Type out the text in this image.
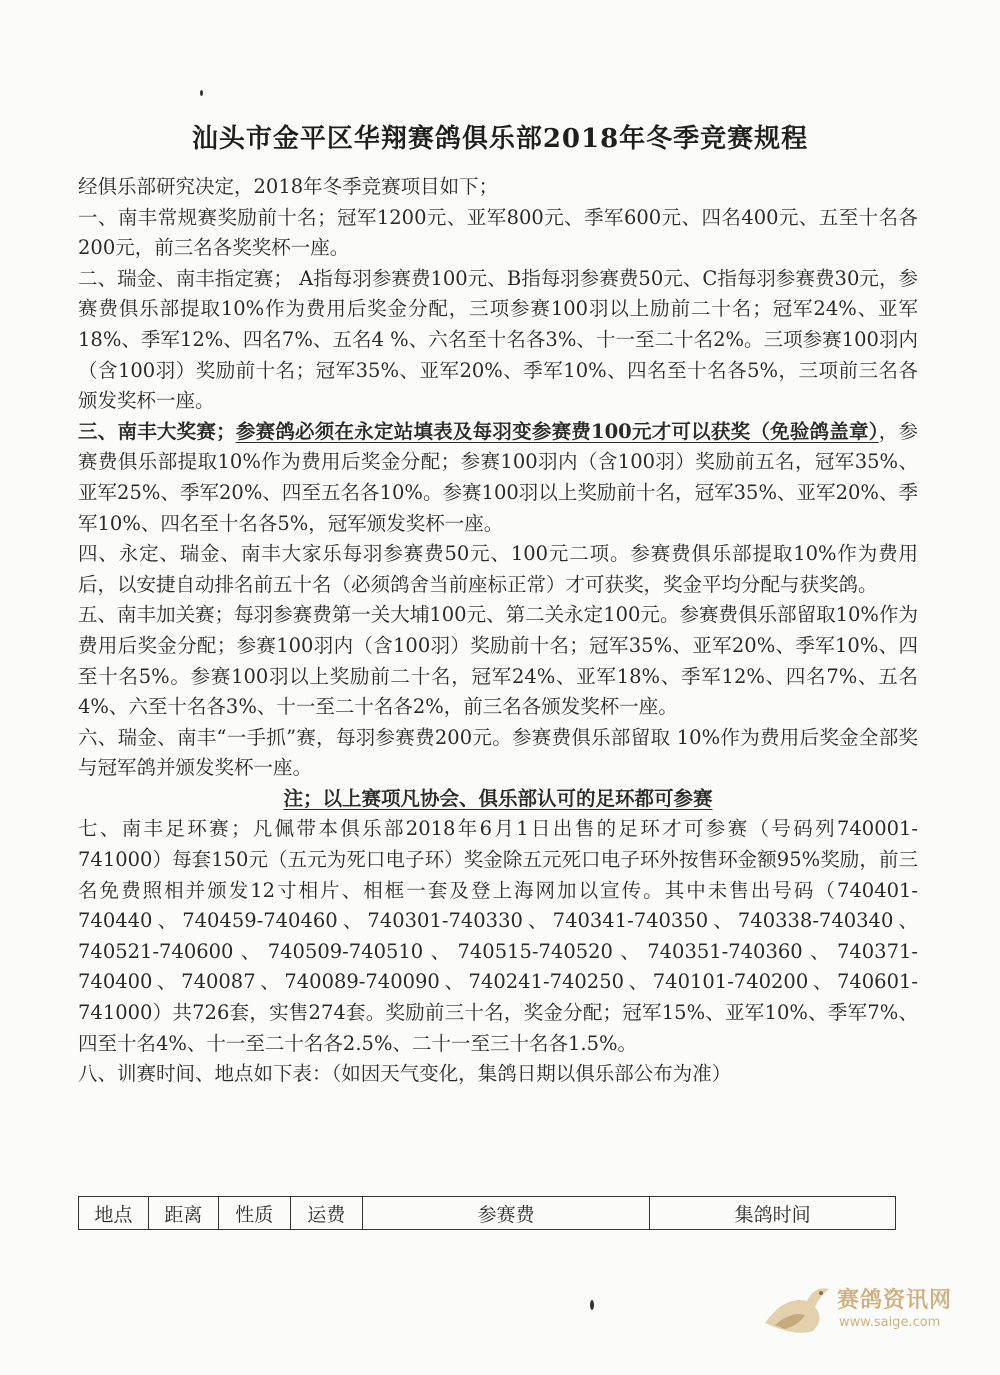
汕头市金平区华翔赛鸽俱乐部2018年冬季竞赛规程

经俱乐部研究决定，2018年冬季竞赛项目如下；

一、南丰常规赛奖励前十名；冠军1200元、亚军800元、季军600元、四名400元、五至十名各200元，前三名各奖奖杯一座。

二、瑞金、南丰指定赛； A指每羽参赛费100元、B指每羽参赛费50元、C指每羽参赛费30元，参赛费俱乐部提取10%作为费用后奖金分配，三项参赛100羽以上励前二十名；冠军24%、亚军18%、季军12%、四名7%、五名4 %、六名至十名各3%、十一至二十名2%。三项参赛100羽内（含100羽）奖励前十名；冠军35%、亚军20%、季军10%、四名至十名各5%，三项前三名各颁发奖杯一座。

三、南丰大奖赛；参赛鸽必须在永定站填表及每羽变参赛费100元才可以获奖（免验鸽盖章），参赛费俱乐部提取10%作为费用后奖金分配；参赛100羽内（含100羽）奖励前五名，冠军35%、亚军25%、季军20%、四至五名各10%。参赛100羽以上奖励前十名，冠军35%、亚军20%、季军10%、四名至十名各5%，冠军颁发奖杯一座。

四、永定、瑞金、南丰大家乐每羽参赛费50元、100元二项。参赛费俱乐部提取10%作为费用后，以安捷自动排名前五十名（必须鸽舍当前座标正常）才可获奖，奖金平均分配与获奖鸽。

五、南丰加关赛；每羽参赛费第一关大埔100元、第二关永定100元。参赛费俱乐部留取10%作为费用后奖金分配；参赛100羽内（含100羽）奖励前十名；冠军35%、亚军20%、季军10%、四至十名5%。参赛100羽以上奖励前二十名，冠军24%、亚军18%、季军12%、四名7%、五名4%、六至十名各3%、十一至二十名各2%，前三名各颁发奖杯一座。

六、瑞金、南丰“一手抓”赛，每羽参赛费200元。参赛费俱乐部留取 10%作为费用后奖金全部奖与冠军鸽并颁发奖杯一座。

注；以上赛项凡协会、俱乐部认可的足环都可参赛

七、南丰足环赛；凡佩带本俱乐部2018年6月1日出售的足环才可参赛（号码列740001-741000）每套150元（五元为死口电子环）奖金除五元死口电子环外按售环金额95%奖励，前三名免费照相并颁发12寸相片、相框一套及登上海网加以宣传。其中未售出号码（740401-740440、740459-740460、740301-740330、740341-740350、740338-740340、740521-740600、740509-740510、740515-740520、740351-740360、740371-740400、740087、740089-740090、740241-740250、740101-740200、740601-741000）共726套，实售274套。奖励前三十名，奖金分配；冠军15%、亚军10%、季军7%、四至十名4%、十一至二十名各2.5%、二十一至三十名各1.5%。

八、训赛时间、地点如下表：（如因天气变化，集鸽日期以俱乐部公布为准）

地点	距离	性质	运费	参赛费	集鸽时间
赛鸽资讯网
www.saige.com
